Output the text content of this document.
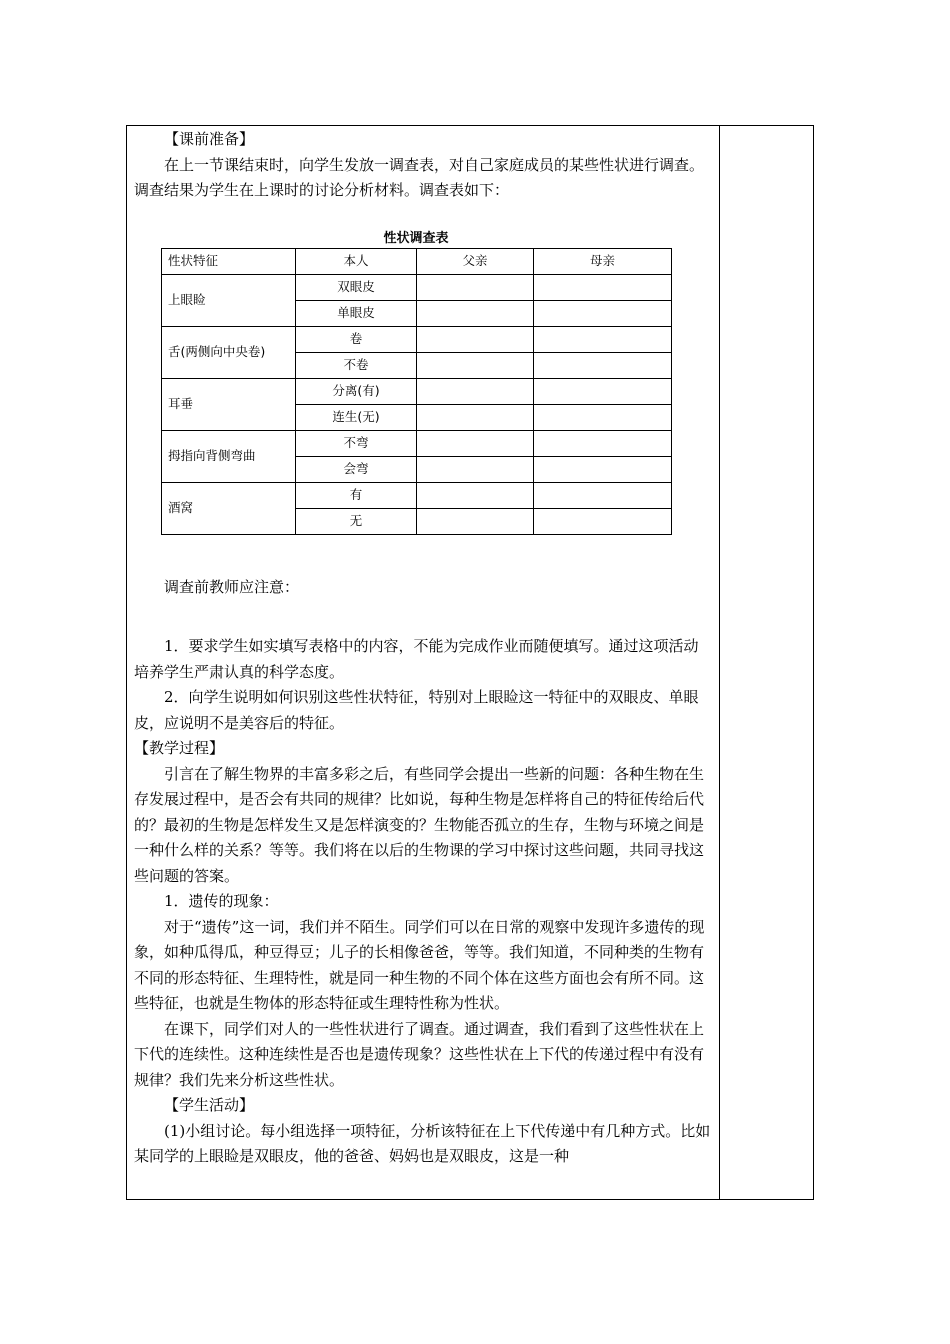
【课前准备】

在上一节课结束时，向学生发放一调查表，对自己家庭成员的某些性状进行调查。调查结果为学生在上课时的讨论分析材料。调查表如下：

性状调查表
性状特征	本人	父亲	母亲
上眼睑	双眼皮		
	单眼皮		
舌(两侧向中央卷)	卷		
	不卷		
耳垂	分离(有)		
	连生(无)		
拇指向背侧弯曲	不弯		
	会弯		
酒窝	有		
	无		

调查前教师应注意：

1．要求学生如实填写表格中的内容，不能为完成作业而随便填写。通过这项活动培养学生严肃认真的科学态度。

2．向学生说明如何识别这些性状特征，特别对上眼睑这一特征中的双眼皮、单眼皮，应说明不是美容后的特征。

【教学过程】

引言在了解生物界的丰富多彩之后，有些同学会提出一些新的问题：各种生物在生存发展过程中，是否会有共同的规律？比如说，每种生物是怎样将自己的特征传给后代的？最初的生物是怎样发生又是怎样演变的？生物能否孤立的生存，生物与环境之间是一种什么样的关系？等等。我们将在以后的生物课的学习中探讨这些问题，共同寻找这些问题的答案。

1．遗传的现象：

对于“遗传”这一词，我们并不陌生。同学们可以在日常的观察中发现许多遗传的现象，如种瓜得瓜，种豆得豆；儿子的长相像爸爸，等等。我们知道，不同种类的生物有不同的形态特征、生理特性，就是同一种生物的不同个体在这些方面也会有所不同。这些特征，也就是生物体的形态特征或生理特性称为性状。

在课下，同学们对人的一些性状进行了调查。通过调查，我们看到了这些性状在上下代的连续性。这种连续性是否也是遗传现象？这些性状在上下代的传递过程中有没有规律？我们先来分析这些性状。

【学生活动】

(1)小组讨论。每小组选择一项特征，分析该特征在上下代传递中有几种方式。比如某同学的上眼睑是双眼皮，他的爸爸、妈妈也是双眼皮，这是一种
